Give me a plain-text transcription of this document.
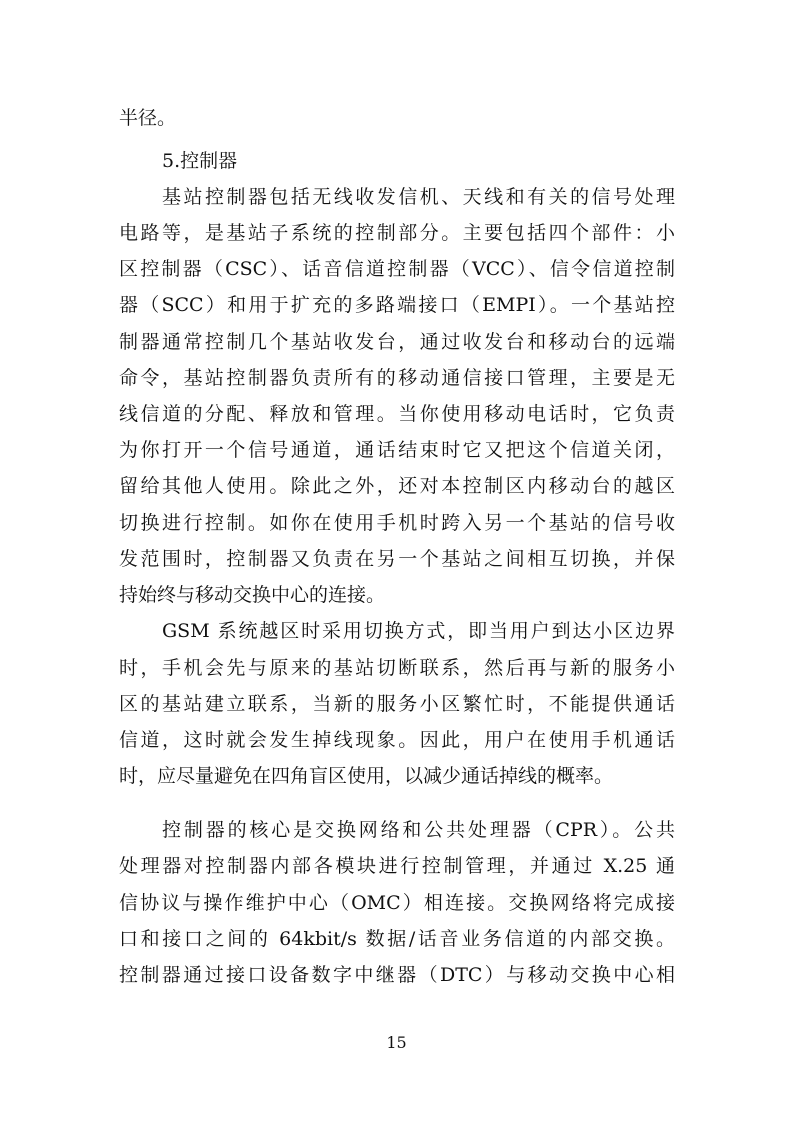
半径。
5.控制器
基站控制器包括无线收发信机、天线和有关的信号处理
电路等，是基站子系统的控制部分。主要包括四个部件：小
区控制器（CSC）、话音信道控制器（VCC）、信令信道控制
器（SCC）和用于扩充的多路端接口（EMPI）。一个基站控
制器通常控制几个基站收发台，通过收发台和移动台的远端
命令，基站控制器负责所有的移动通信接口管理，主要是无
线信道的分配、释放和管理。当你使用移动电话时，它负责
为你打开一个信号通道，通话结束时它又把这个信道关闭，
留给其他人使用。除此之外，还对本控制区内移动台的越区
切换进行控制。如你在使用手机时跨入另一个基站的信号收
发范围时，控制器又负责在另一个基站之间相互切换，并保
持始终与移动交换中心的连接。
GSM 系统越区时采用切换方式，即当用户到达小区边界
时，手机会先与原来的基站切断联系，然后再与新的服务小
区的基站建立联系，当新的服务小区繁忙时，不能提供通话
信道，这时就会发生掉线现象。因此，用户在使用手机通话
时，应尽量避免在四角盲区使用，以减少通话掉线的概率。
控制器的核心是交换网络和公共处理器（CPR）。公共
处理器对控制器内部各模块进行控制管理，并通过 X.25 通
信协议与操作维护中心（OMC）相连接。交换网络将完成接
口和接口之间的 64kbit/s 数据/话音业务信道的内部交换。
控制器通过接口设备数字中继器（DTC）与移动交换中心相
15
